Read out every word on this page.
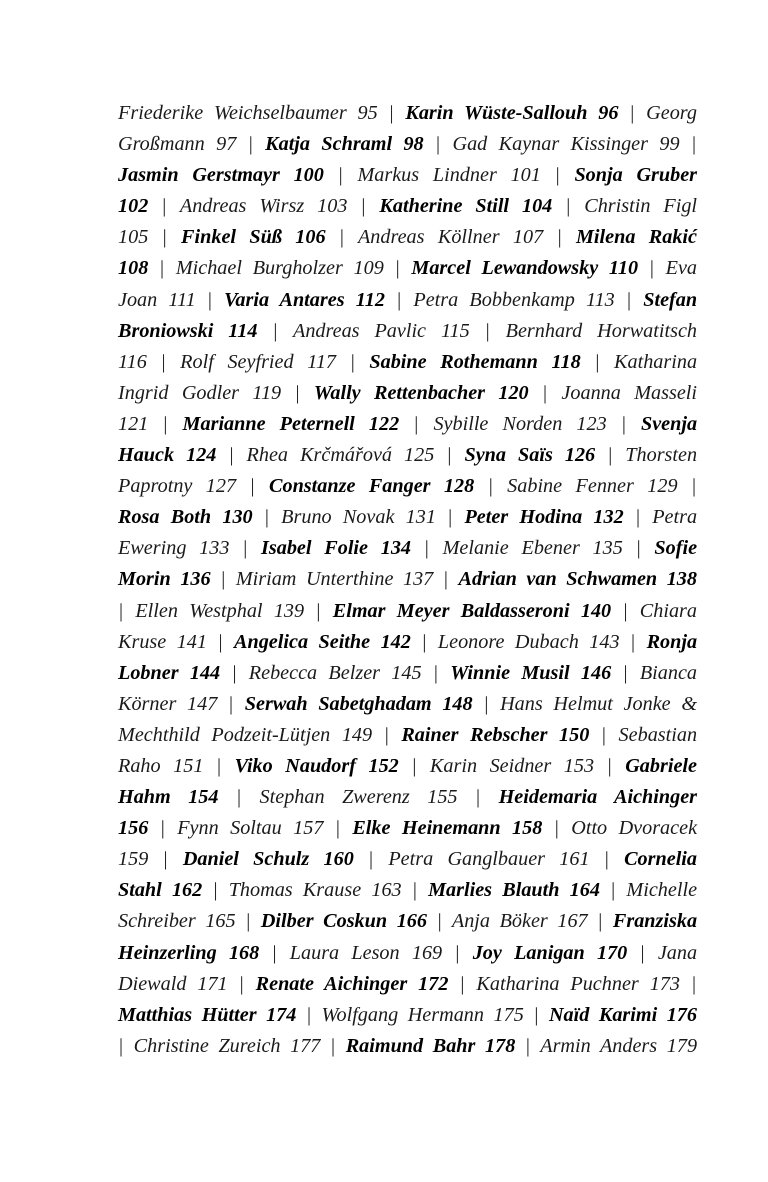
Friederike Weichselbaumer 95 | Karin Wüste-Sallouh 96 | Georg
Großmann 97 | Katja Schraml 98 | Gad Kaynar Kissinger 99 |
Jasmin Gerstmayr 100 | Markus Lindner 101 | Sonja Gruber
102 | Andreas Wirsz 103 | Katherine Still 104 | Christin Figl
105 | Finkel Süß 106 | Andreas Köllner 107 | Milena Rakić
108 | Michael Burgholzer 109 | Marcel Lewandowsky 110 | Eva
Joan 111 | Varia Antares 112 | Petra Bobbenkamp 113 | Stefan
Broniowski 114 | Andreas Pavlic 115 | Bernhard Horwatitsch
116 | Rolf Seyfried 117 | Sabine Rothemann 118 | Katharina
Ingrid Godler 119 | Wally Rettenbacher 120 | Joanna Masseli
121 | Marianne Peternell 122 | Sybille Norden 123 | Svenja
Hauck 124 | Rhea Krčmářová 125 | Syna Saïs 126 | Thorsten
Paprotny 127 | Constanze Fanger 128 | Sabine Fenner 129 |
Rosa Both 130 | Bruno Novak 131 | Peter Hodina 132 | Petra
Ewering 133 | Isabel Folie 134 | Melanie Ebener 135 | Sofie
Morin 136 | Miriam Unterthine 137 | Adrian van Schwamen 138
| Ellen Westphal 139 | Elmar Meyer Baldasseroni 140 | Chiara
Kruse 141 | Angelica Seithe 142 | Leonore Dubach 143 | Ronja
Lobner 144 | Rebecca Belzer 145 | Winnie Musil 146 | Bianca
Körner 147 | Serwah Sabetghadam 148 | Hans Helmut Jonke &
Mechthild Podzeit-Lütjen 149 | Rainer Rebscher 150 | Sebastian
Raho 151 | Viko Naudorf 152 | Karin Seidner 153 | Gabriele
Hahm 154 | Stephan Zwerenz 155 | Heidemaria Aichinger
156 | Fynn Soltau 157 | Elke Heinemann 158 | Otto Dvoracek
159 | Daniel Schulz 160 | Petra Ganglbauer 161 | Cornelia
Stahl 162 | Thomas Krause 163 | Marlies Blauth 164 | Michelle
Schreiber 165 | Dilber Coskun 166 | Anja Böker 167 | Franziska
Heinzerling 168 | Laura Leson 169 | Joy Lanigan 170 | Jana
Diewald 171 | Renate Aichinger 172 | Katharina Puchner 173 |
Matthias Hütter 174 | Wolfgang Hermann 175 | Naïd Karimi 176
| Christine Zureich 177 | Raimund Bahr 178 | Armin Anders 179
